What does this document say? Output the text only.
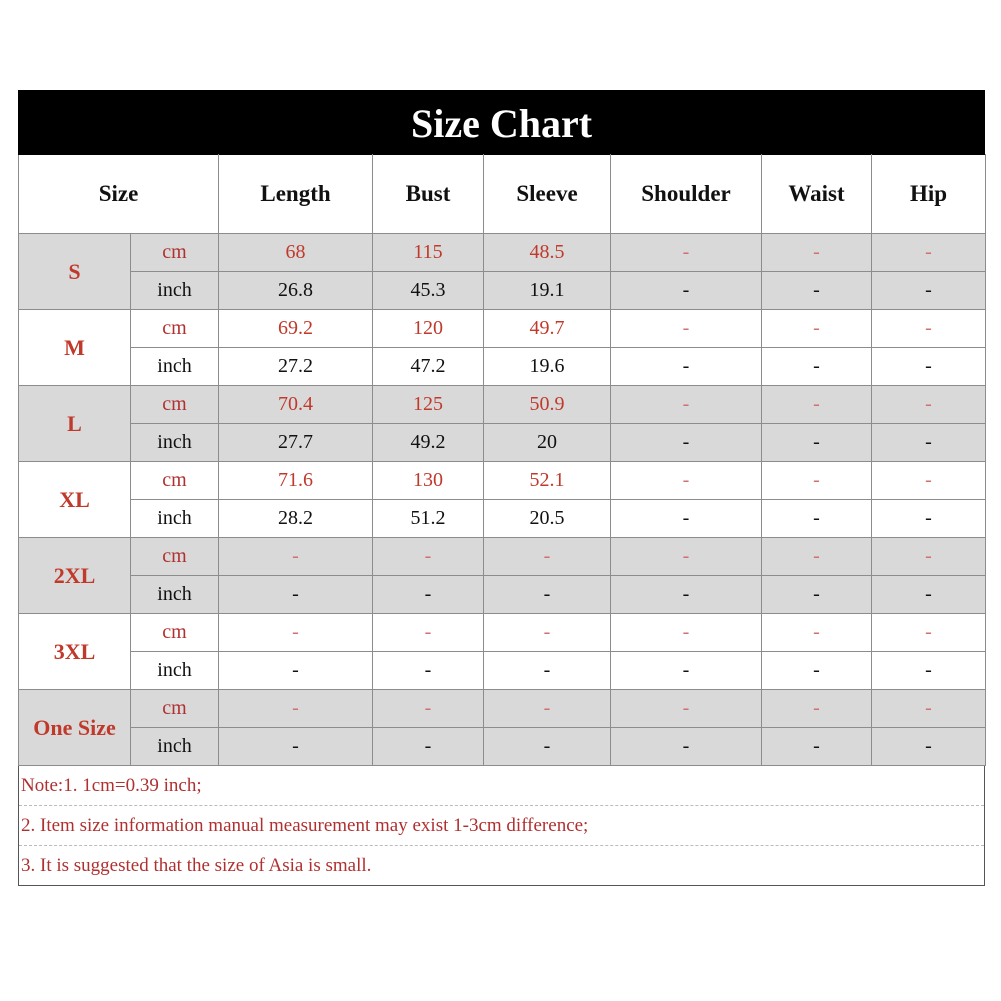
Size Chart
Size		Length	Bust	Sleeve	Shoulder	Waist	Hip
S	cm	68	115	48.5	-	-	-
	inch	26.8	45.3	19.1	-	-	-
M	cm	69.2	120	49.7	-	-	-
	inch	27.2	47.2	19.6	-	-	-
L	cm	70.4	125	50.9	-	-	-
	inch	27.7	49.2	20	-	-	-
XL	cm	71.6	130	52.1	-	-	-
	inch	28.2	51.2	20.5	-	-	-
2XL	cm	-	-	-	-	-	-
	inch	-	-	-	-	-	-
3XL	cm	-	-	-	-	-	-
	inch	-	-	-	-	-	-
One Size	cm	-	-	-	-	-	-
	inch	-	-	-	-	-	-
Note:1. 1cm=0.39 inch;
2. Item size information manual measurement may exist 1-3cm difference;
3. It is suggested that the size of Asia is small.
